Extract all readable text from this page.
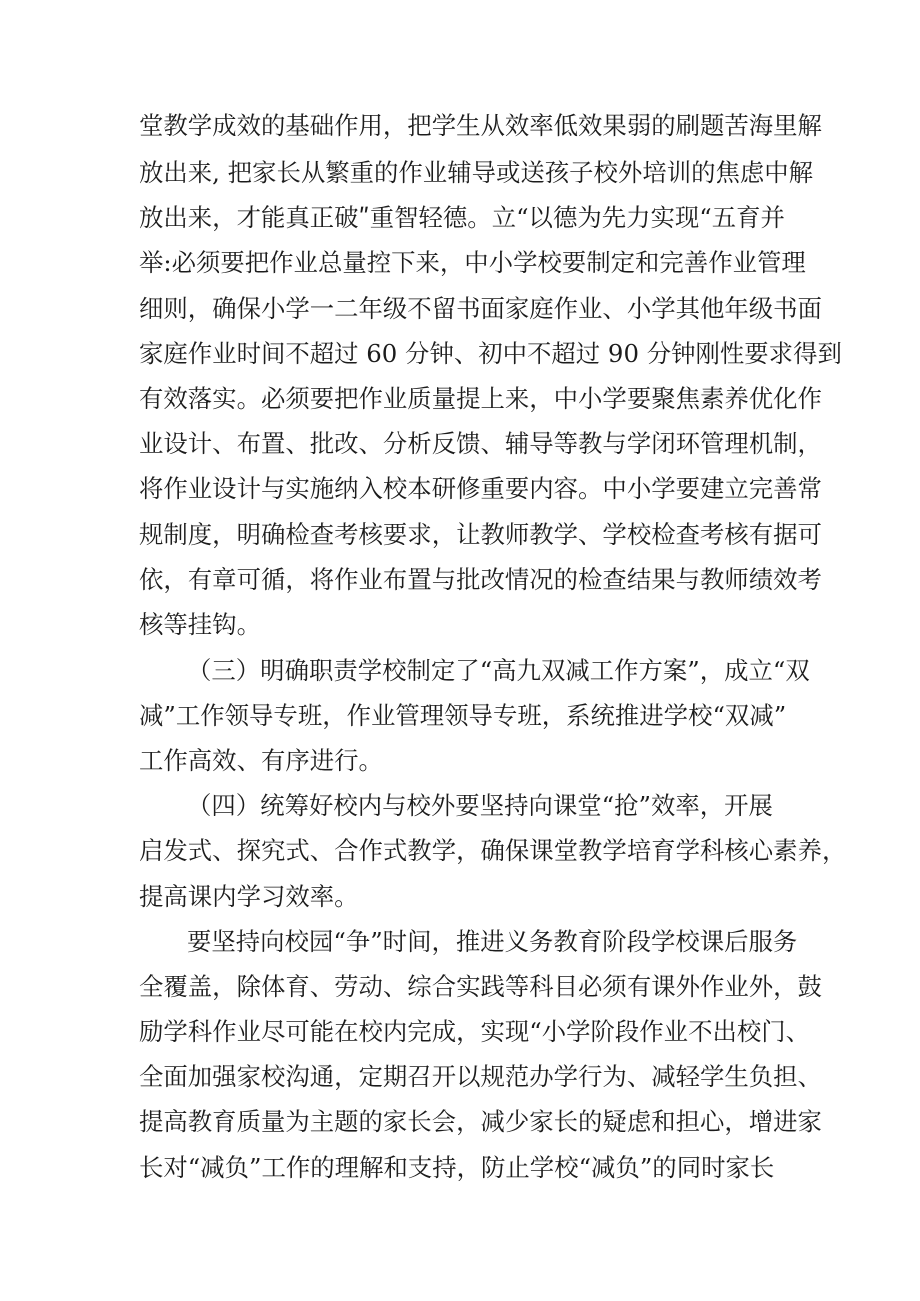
堂教学成效的基础作用，把学生从效率低效果弱的刷题苦海里解
放出来, 把家长从繁重的作业辅导或送孩子校外培训的焦虑中解
放出来，才能真正破ʺ重智轻德。立“以德为先力实现“五育并
举:必须要把作业总量控下来，中小学校要制定和完善作业管理
细则，确保小学一二年级不留书面家庭作业、小学其他年级书面
家庭作业时间不超过 60 分钟、初中不超过 90 分钟刚性要求得到
有效落实。必须要把作业质量提上来，中小学要聚焦素养优化作
业设计、布置、批改、分析反馈、辅导等教与学闭环管理机制，
将作业设计与实施纳入校本研修重要内容。中小学要建立完善常
规制度，明确检查考核要求，让教师教学、学校检查考核有据可
依，有章可循，将作业布置与批改情况的检查结果与教师绩效考
核等挂钩。
（三）明确职责学校制定了“高九双减工作方案”，成立“双
减”工作领导专班，作业管理领导专班，系统推进学校“双减”
工作高效、有序进行。
（四）统筹好校内与校外要坚持向课堂“抢”效率，开展
启发式、探究式、合作式教学，确保课堂教学培育学科核心素养，
提高课内学习效率。
要坚持向校园“争”时间，推进义务教育阶段学校课后服务
全覆盖，除体育、劳动、综合实践等科目必须有课外作业外，鼓
励学科作业尽可能在校内完成，实现“小学阶段作业不出校门、
全面加强家校沟通，定期召开以规范办学行为、减轻学生负担、
提高教育质量为主题的家长会，减少家长的疑虑和担心，增进家
长对“减负”工作的理解和支持，防止学校“减负”的同时家长
